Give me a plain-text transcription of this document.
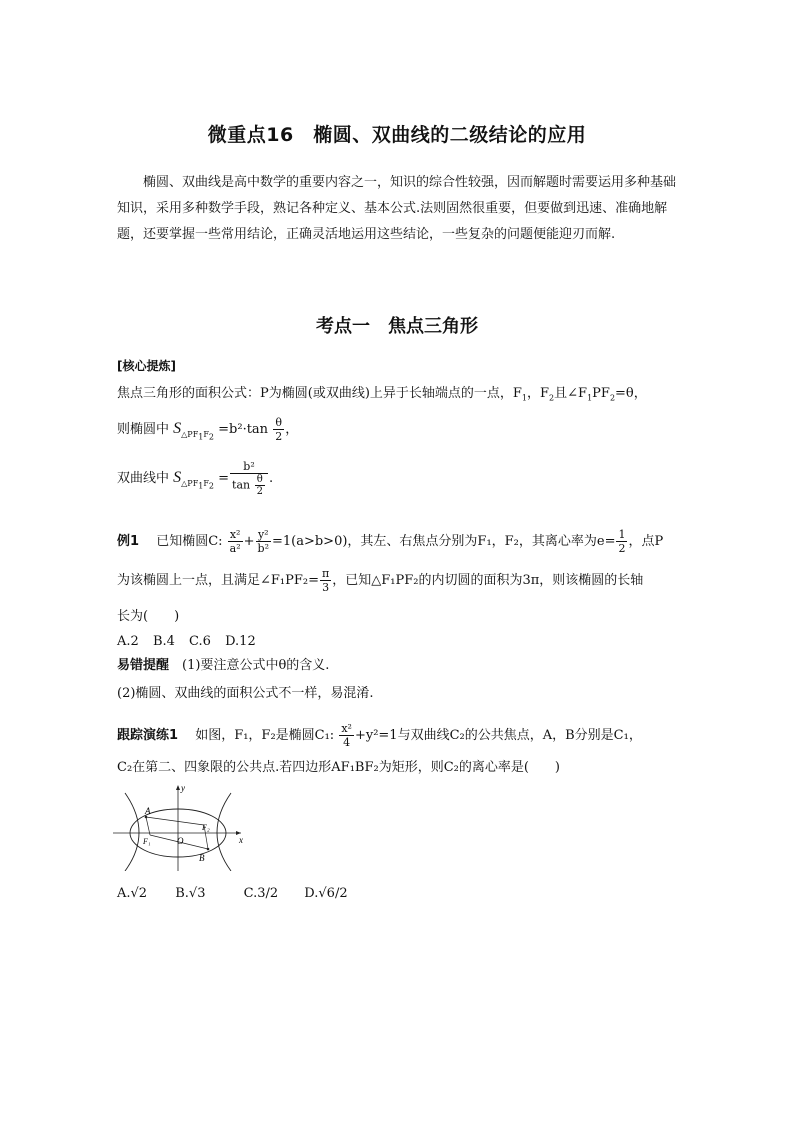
微重点16　椭圆、双曲线的二级结论的应用
椭圆、双曲线是高中数学的重要内容之一，知识的综合性较强，因而解题时需要运用多种基础知识，采用多种数学手段，熟记各种定义、基本公式.法则固然很重要，但要做到迅速、准确地解题，还要掌握一些常用结论，正确灵活地运用这些结论，一些复杂的问题便能迎刃而解.
考点一　焦点三角形
[核心提炼]
焦点三角形的面积公式：P为椭圆(或双曲线)上异于长轴端点的一点，$F_1$，$F_2$且$\angle F_1PF_2=\theta$，
则椭圆中 $S_{\triangle PF_1F_2} =b^2\cdot\tan \frac{\theta}{2}$ ，
双曲线中 $S_{\triangle PF_1F_2} = \frac{\text{b²}}{\tan \frac{\theta}{2}}$ .
例1　 已知椭圆C: $\frac{\text{x²}}{\text{a²}} + \frac{\text{y²}}{\text{b²}} =1(a>b>0)$，其左、右焦点分别为F₁，F₂，其离心率为$e= \frac{1}{2}$ ，点P
为该椭圆上一点，且满足∠F₁PF₂= $\frac{\pi}{3}$ ，已知△F₁PF₂的内切圆的面积为3π，则该椭圆的长轴
长为(　　)
A.2 B.4 C.6 D.12
易错提醒　 (1)要注意公式中θ的含义.
(2)椭圆、双曲线的面积公式不一样，易混淆.
跟踪演练1　 如图，F₁，F₂是椭圆C₁: $\frac{\text{x²}}{4} +y^2=1$与双曲线C₂的公共焦点，A，B分别是C₁，
C₂在第二、四象限的公共点.若四边形AF₁BF₂为矩形，则C₂的离心率是(　　)
y
x
A
B
O
F₁
F₂
A.√2 B.√3	C.3/2 D.√6/2
